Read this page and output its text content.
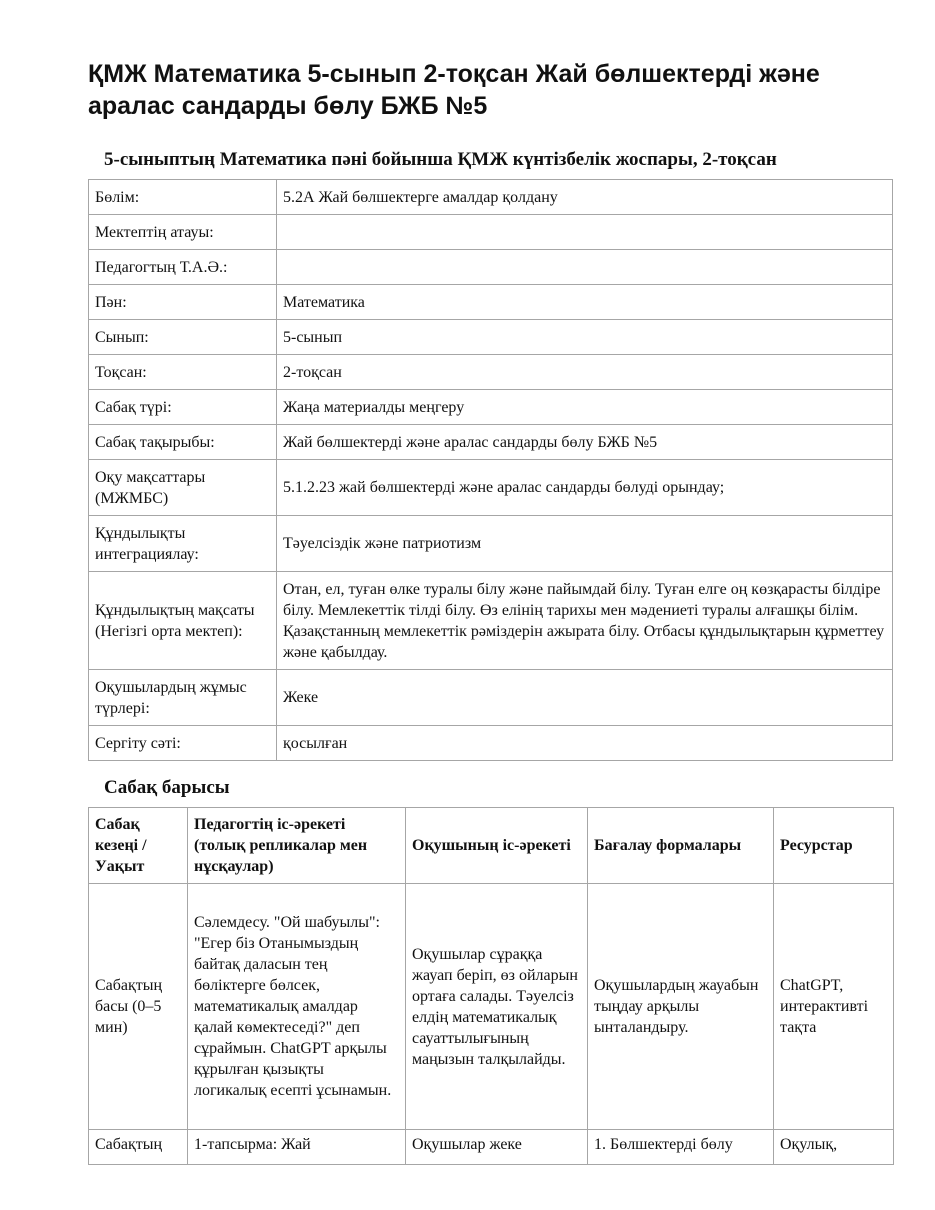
ҚМЖ Математика 5-сынып 2-тоқсан Жай бөлшектерді және аралас сандарды бөлу БЖБ №5
5-сыныптың Математика пәні бойынша ҚМЖ күнтізбелік жоспары, 2-тоқсан
Бөлім:	5.2А Жай бөлшектерге амалдар қолдану
Мектептің атауы:	
Педагогтың Т.А.Ә.:	
Пән:	Математика
Сынып:	5-сынып
Тоқсан:	2-тоқсан
Сабақ түрі:	Жаңа материалды меңгеру
Сабақ тақырыбы:	Жай бөлшектерді және аралас сандарды бөлу БЖБ №5
Оқу мақсаттары (МЖМБС)	5.1.2.23 жай бөлшектерді және аралас сандарды бөлуді орындау;
Құндылықты интеграциялау:	Тәуелсіздік және патриотизм
Құндылықтың мақсаты (Негізгі орта мектеп):	Отан, ел, туған өлке туралы білу және пайымдай білу. Туған елге оң көзқарасты білдіре білу. Мемлекеттік тілді білу. Өз елінің тарихы мен мәдениеті туралы алғашқы білім. Қазақстанның мемлекеттік рәміздерін ажырата білу. Отбасы құндылықтарын құрметтеу және қабылдау.
Оқушылардың жұмыс түрлері:	Жеке
Сергіту сәті:	қосылған
Сабақ барысы
Сабақ кезеңі / Уақыт	Педагогтің іс-әрекеті (толық репликалар мен нұсқаулар)	Оқушының іс-әрекеті	Бағалау формалары	Ресурстар
Сабақтың басы (0–5 мин)	Сәлемдесу. "Ой шабуылы": "Егер біз Отанымыздың байтақ даласын тең бөліктерге бөлсек, математикалық амалдар қалай көмектеседі?" деп сұраймын. ChatGPT арқылы құрылған қызықты логикалық есепті ұсынамын.	Оқушылар сұраққа жауап беріп, өз ойларын ортаға салады. Тәуелсіз елдің математикалық сауаттылығының маңызын талқылайды.	Оқушылардың жауабын тыңдау арқылы ынталандыру.	ChatGPT, интерактивті тақта
Сабақтың	1-тапсырма: Жай	Оқушылар жеке	1. Бөлшектерді бөлу	Оқулық,
